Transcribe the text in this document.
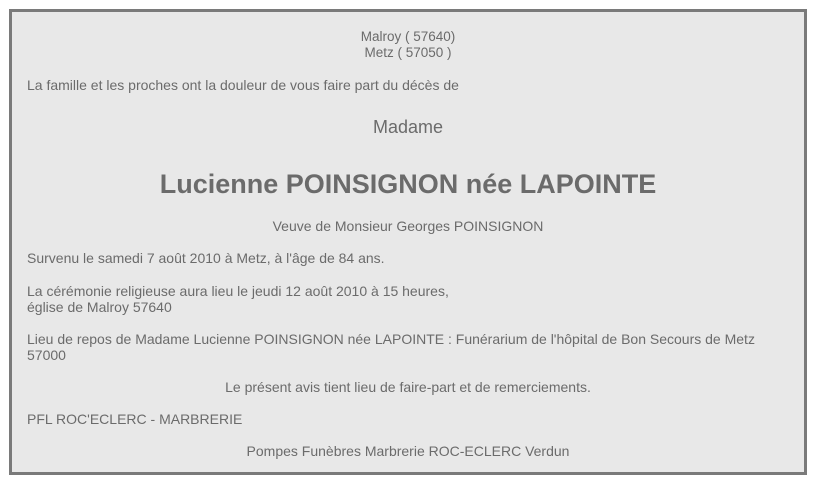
Malroy ( 57640)

Metz ( 57050 )

La famille et les proches ont la douleur de vous faire part du décès de

Madame

Lucienne POINSIGNON née LAPOINTE

Veuve de Monsieur Georges POINSIGNON

Survenu le samedi 7 août 2010 à Metz, à l'âge de 84 ans.

La cérémonie religieuse aura lieu le jeudi 12 août 2010 à 15 heures,

église de Malroy 57640

Lieu de repos de Madame Lucienne POINSIGNON née LAPOINTE : Funérarium de l'hôpital de Bon Secours de Metz

57000

Le présent avis tient lieu de faire-part et de remerciements.

PFL ROC'ECLERC - MARBRERIE

Pompes Funèbres Marbrerie ROC-ECLERC Verdun
